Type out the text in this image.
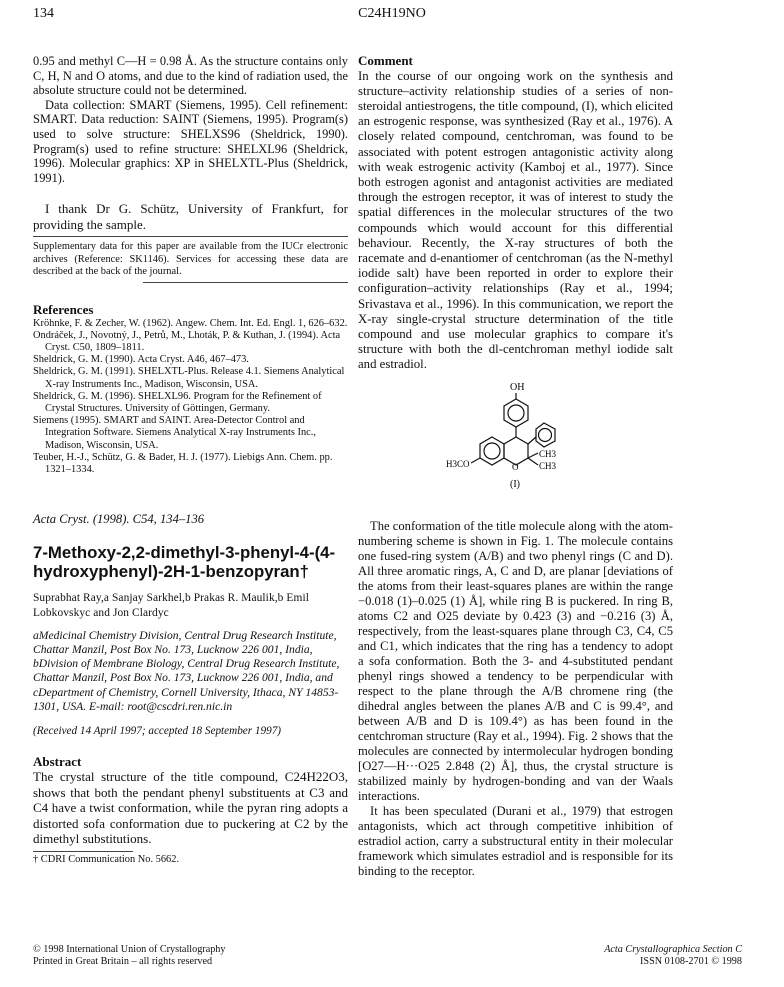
134	C24H19NO

0.95 and methyl C—H = 0.98 Å. As the structure contains only C, H, N and O atoms, and due to the kind of radiation used, the absolute structure could not be determined.

Data collection: SMART (Siemens, 1995). Cell refinement: SMART. Data reduction: SAINT (Siemens, 1995). Program(s) used to solve structure: SHELXS96 (Sheldrick, 1990). Program(s) used to refine structure: SHELXL96 (Sheldrick, 1996). Molecular graphics: XP in SHELXTL-Plus (Sheldrick, 1991).

I thank Dr G. Schütz, University of Frankfurt, for providing the sample.

Supplementary data for this paper are available from the IUCr electronic archives (Reference: SK1146). Services for accessing these data are described at the back of the journal.

References

Kröhnke, F. & Zecher, W. (1962). Angew. Chem. Int. Ed. Engl. 1, 626–632.

Ondráček, J., Novotný, J., Petrů, M., Lhoták, P. & Kuthan, J. (1994). Acta Cryst. C50, 1809–1811.

Sheldrick, G. M. (1990). Acta Cryst. A46, 467–473.

Sheldrick, G. M. (1991). SHELXTL-Plus. Release 4.1. Siemens Analytical X-ray Instruments Inc., Madison, Wisconsin, USA.

Sheldrick, G. M. (1996). SHELXL96. Program for the Refinement of Crystal Structures. University of Göttingen, Germany.

Siemens (1995). SMART and SAINT. Area-Detector Control and Integration Software. Siemens Analytical X-ray Instruments Inc., Madison, Wisconsin, USA.

Teuber, H.-J., Schütz, G. & Bader, H. J. (1977). Liebigs Ann. Chem. pp. 1321–1334.

Acta Cryst. (1998). C54, 134–136

7-Methoxy-2,2-dimethyl-3-phenyl-4-(4-hydroxyphenyl)-2H-1-benzopyran†

Suprabhat Ray,a Sanjay Sarkhel,b Prakas R. Maulik,b Emil Lobkovskyc and Jon Clardyc

aMedicinal Chemistry Division, Central Drug Research Institute, Chattar Manzil, Post Box No. 173, Lucknow 226 001, India, bDivision of Membrane Biology, Central Drug Research Institute, Chattar Manzil, Post Box No. 173, Lucknow 226 001, India, and cDepartment of Chemistry, Cornell University, Ithaca, NY 14853-1301, USA. E-mail: root@cscdri.ren.nic.in

(Received 14 April 1997; accepted 18 September 1997)

Abstract

The crystal structure of the title compound, C24H22O3, shows that both the pendant phenyl substituents at C3 and C4 have a twist conformation, while the pyran ring adopts a distorted sofa conformation due to puckering at C2 by the dimethyl substitutions.

† CDRI Communication No. 5662.

© 1998 International Union of Crystallography
Printed in Great Britain – all rights reserved
Comment

In the course of our ongoing work on the synthesis and structure–activity relationship studies of a series of non-steroidal antiestrogens, the title compound, (I), which elicited an estrogenic response, was synthesized (Ray et al., 1976). A closely related compound, centchroman, was found to be associated with potent estrogen antagonistic activity along with weak estrogenic activity (Kamboj et al., 1977). Since both estrogen agonist and antagonist activities are mediated through the estrogen receptor, it was of interest to study the spatial differences in the molecular structures of the two compounds which would account for this differential behaviour. Recently, the X-ray structures of both the racemate and d-enantiomer of centchroman (as the N-methyl iodide salt) have been reported in order to explore their configuration–activity relationships (Ray et al., 1994; Srivastava et al., 1996). In this communication, we report the X-ray single-crystal structure determination of the title compound and use molecular graphics to compare it's structure with both the dl-centchroman methyl iodide salt and estradiol.

OH
CH3
CH3
H3CO	O
(I)

The conformation of the title molecule along with the atom-numbering scheme is shown in Fig. 1. The molecule contains one fused-ring system (A/B) and two phenyl rings (C and D). All three aromatic rings, A, C and D, are planar [deviations of the atoms from their least-squares planes are within the range −0.018 (1)–0.025 (1) Å], while ring B is puckered. In ring B, atoms C2 and O25 deviate by 0.423 (3) and −0.216 (3) Å, respectively, from the least-squares plane through C3, C4, C5 and C1, which indicates that the ring has a tendency to adopt a sofa conformation. Both the 3- and 4-substituted pendant phenyl rings showed a tendency to be perpendicular with respect to the plane through the A/B chromene ring (the dihedral angles between the planes A/B and C is 99.4°, and between A/B and D is 109.4°) as has been found in the centchroman structure (Ray et al., 1994). Fig. 2 shows that the molecules are connected by intermolecular hydrogen bonding [O27—H···O25 2.848 (2) Å], thus, the crystal structure is stabilized mainly by hydrogen-bonding and van der Waals interactions.

It has been speculated (Durani et al., 1979) that estrogen antagonists, which act through competitive inhibition of estradiol action, carry a substructural entity in their molecular framework which simulates estradiol and is responsible for its binding to the receptor.

Acta Crystallographica Section C
ISSN 0108-2701 © 1998
